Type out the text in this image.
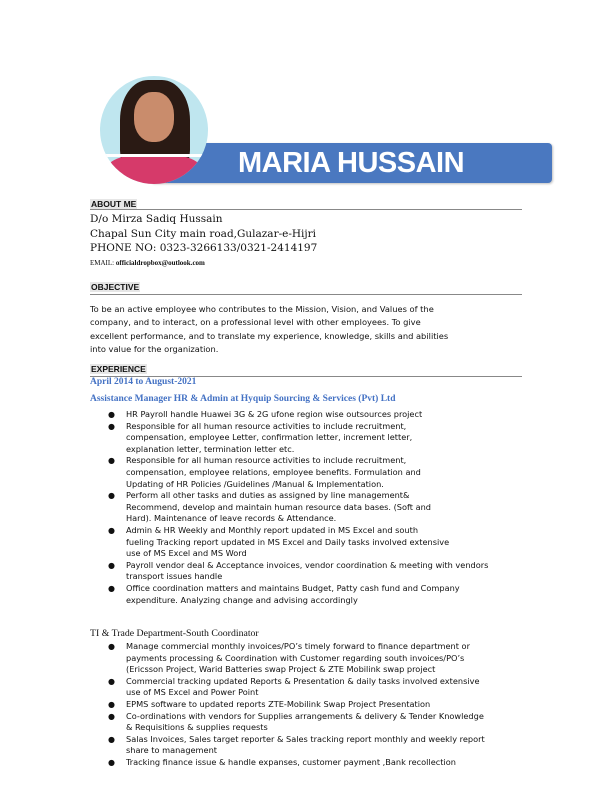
MARIA HUSSAIN
ABOUT ME
D/o Mirza Sadiq Hussain
Chapal Sun City main road,Gulazar-e-Hijri
PHONE NO: 0323-3266133/0321-2414197
EMAIL: officialdropbox@outlook.com
OBJECTIVE
To be an active employee who contributes to the Mission, Vision, and Values of the
company, and to interact, on a professional level with other employees. To give
excellent performance, and to translate my experience, knowledge, skills and abilities
into value for the organization.
EXPERIENCE
April 2014 to August-2021
Assistance Manager HR & Admin at Hyquip Sourcing & Services (Pvt) Ltd
● HR Payroll handle Huawei 3G & 2G ufone region wise outsources project
● Responsible for all human resource activities to include recruitment,
compensation, employee Letter, confirmation letter, increment letter,
explanation letter, termination letter etc.
● Responsible for all human resource activities to include recruitment,
compensation, employee relations, employee benefits. Formulation and
Updating of HR Policies /Guidelines /Manual & Implementation.
● Perform all other tasks and duties as assigned by line management&
Recommend, develop and maintain human resource data bases. (Soft and
Hard). Maintenance of leave records & Attendance.
● Admin & HR Weekly and Monthly report updated in MS Excel and south
fueling Tracking report updated in MS Excel and Daily tasks involved extensive
use of MS Excel and MS Word
● Payroll vendor deal & Acceptance invoices, vendor coordination & meeting with vendors
transport issues handle
● Office coordination matters and maintains Budget, Patty cash fund and Company
expenditure. Analyzing change and advising accordingly
TI & Trade Department-South Coordinator
● Manage commercial monthly invoices/PO’s timely forward to finance department or
payments processing & Coordination with Customer regarding south invoices/PO’s
(Ericsson Project, Warid Batteries swap Project & ZTE Mobilink swap project
● Commercial tracking updated Reports & Presentation & daily tasks involved extensive
use of MS Excel and Power Point
● EPMS software to updated reports ZTE-Mobilink Swap Project Presentation
● Co-ordinations with vendors for Supplies arrangements & delivery & Tender Knowledge
& Requisitions & supplies requests
● Salas Invoices, Sales target reporter & Sales tracking report monthly and weekly report
share to management
● Tracking finance issue & handle expanses, customer payment ,Bank recollection
